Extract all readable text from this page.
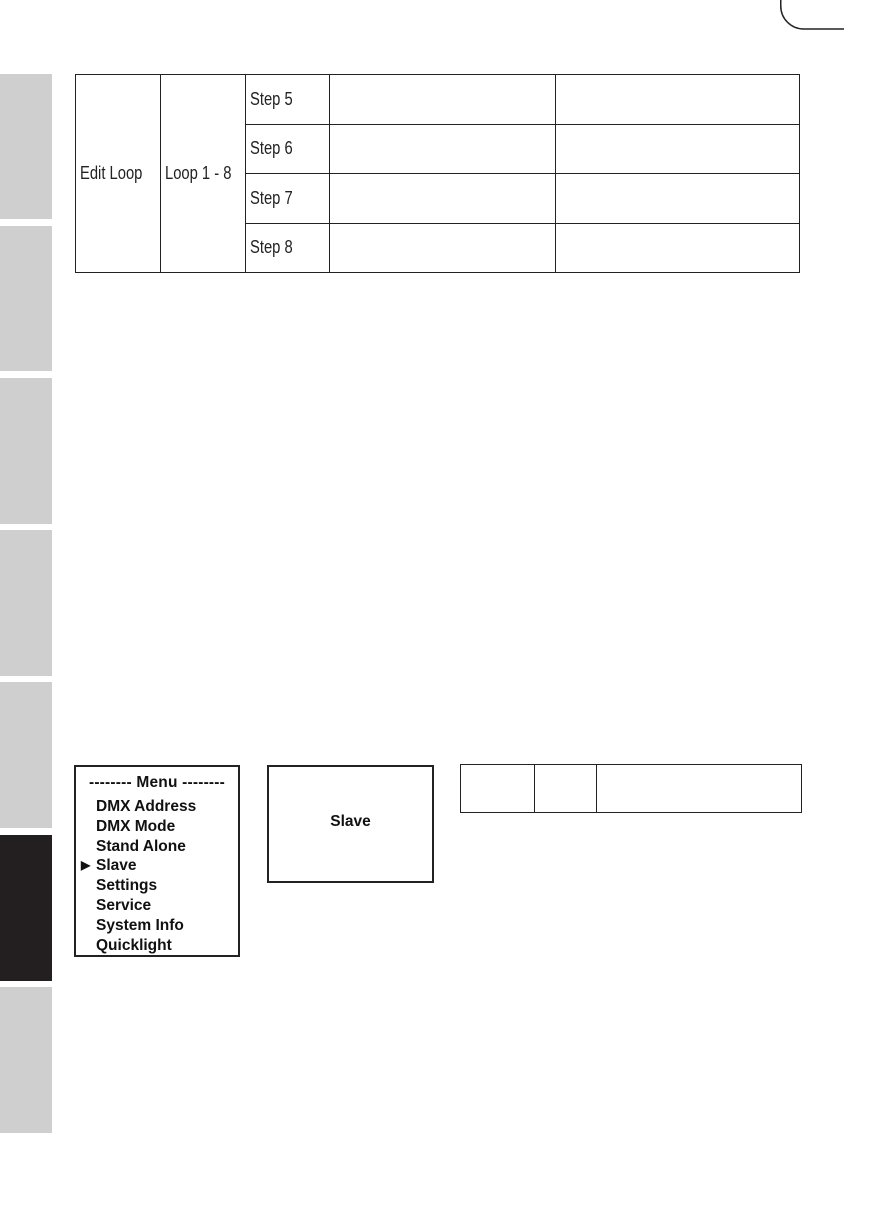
Edit Loop	Loop 1 - 8	Step 5		
		Step 6		
		Step 7		
		Step 8		
-------- Menu --------
DMX Address
DMX Mode
Stand Alone
▶ Slave
Settings
Service
System Info
Quicklight
Slave
